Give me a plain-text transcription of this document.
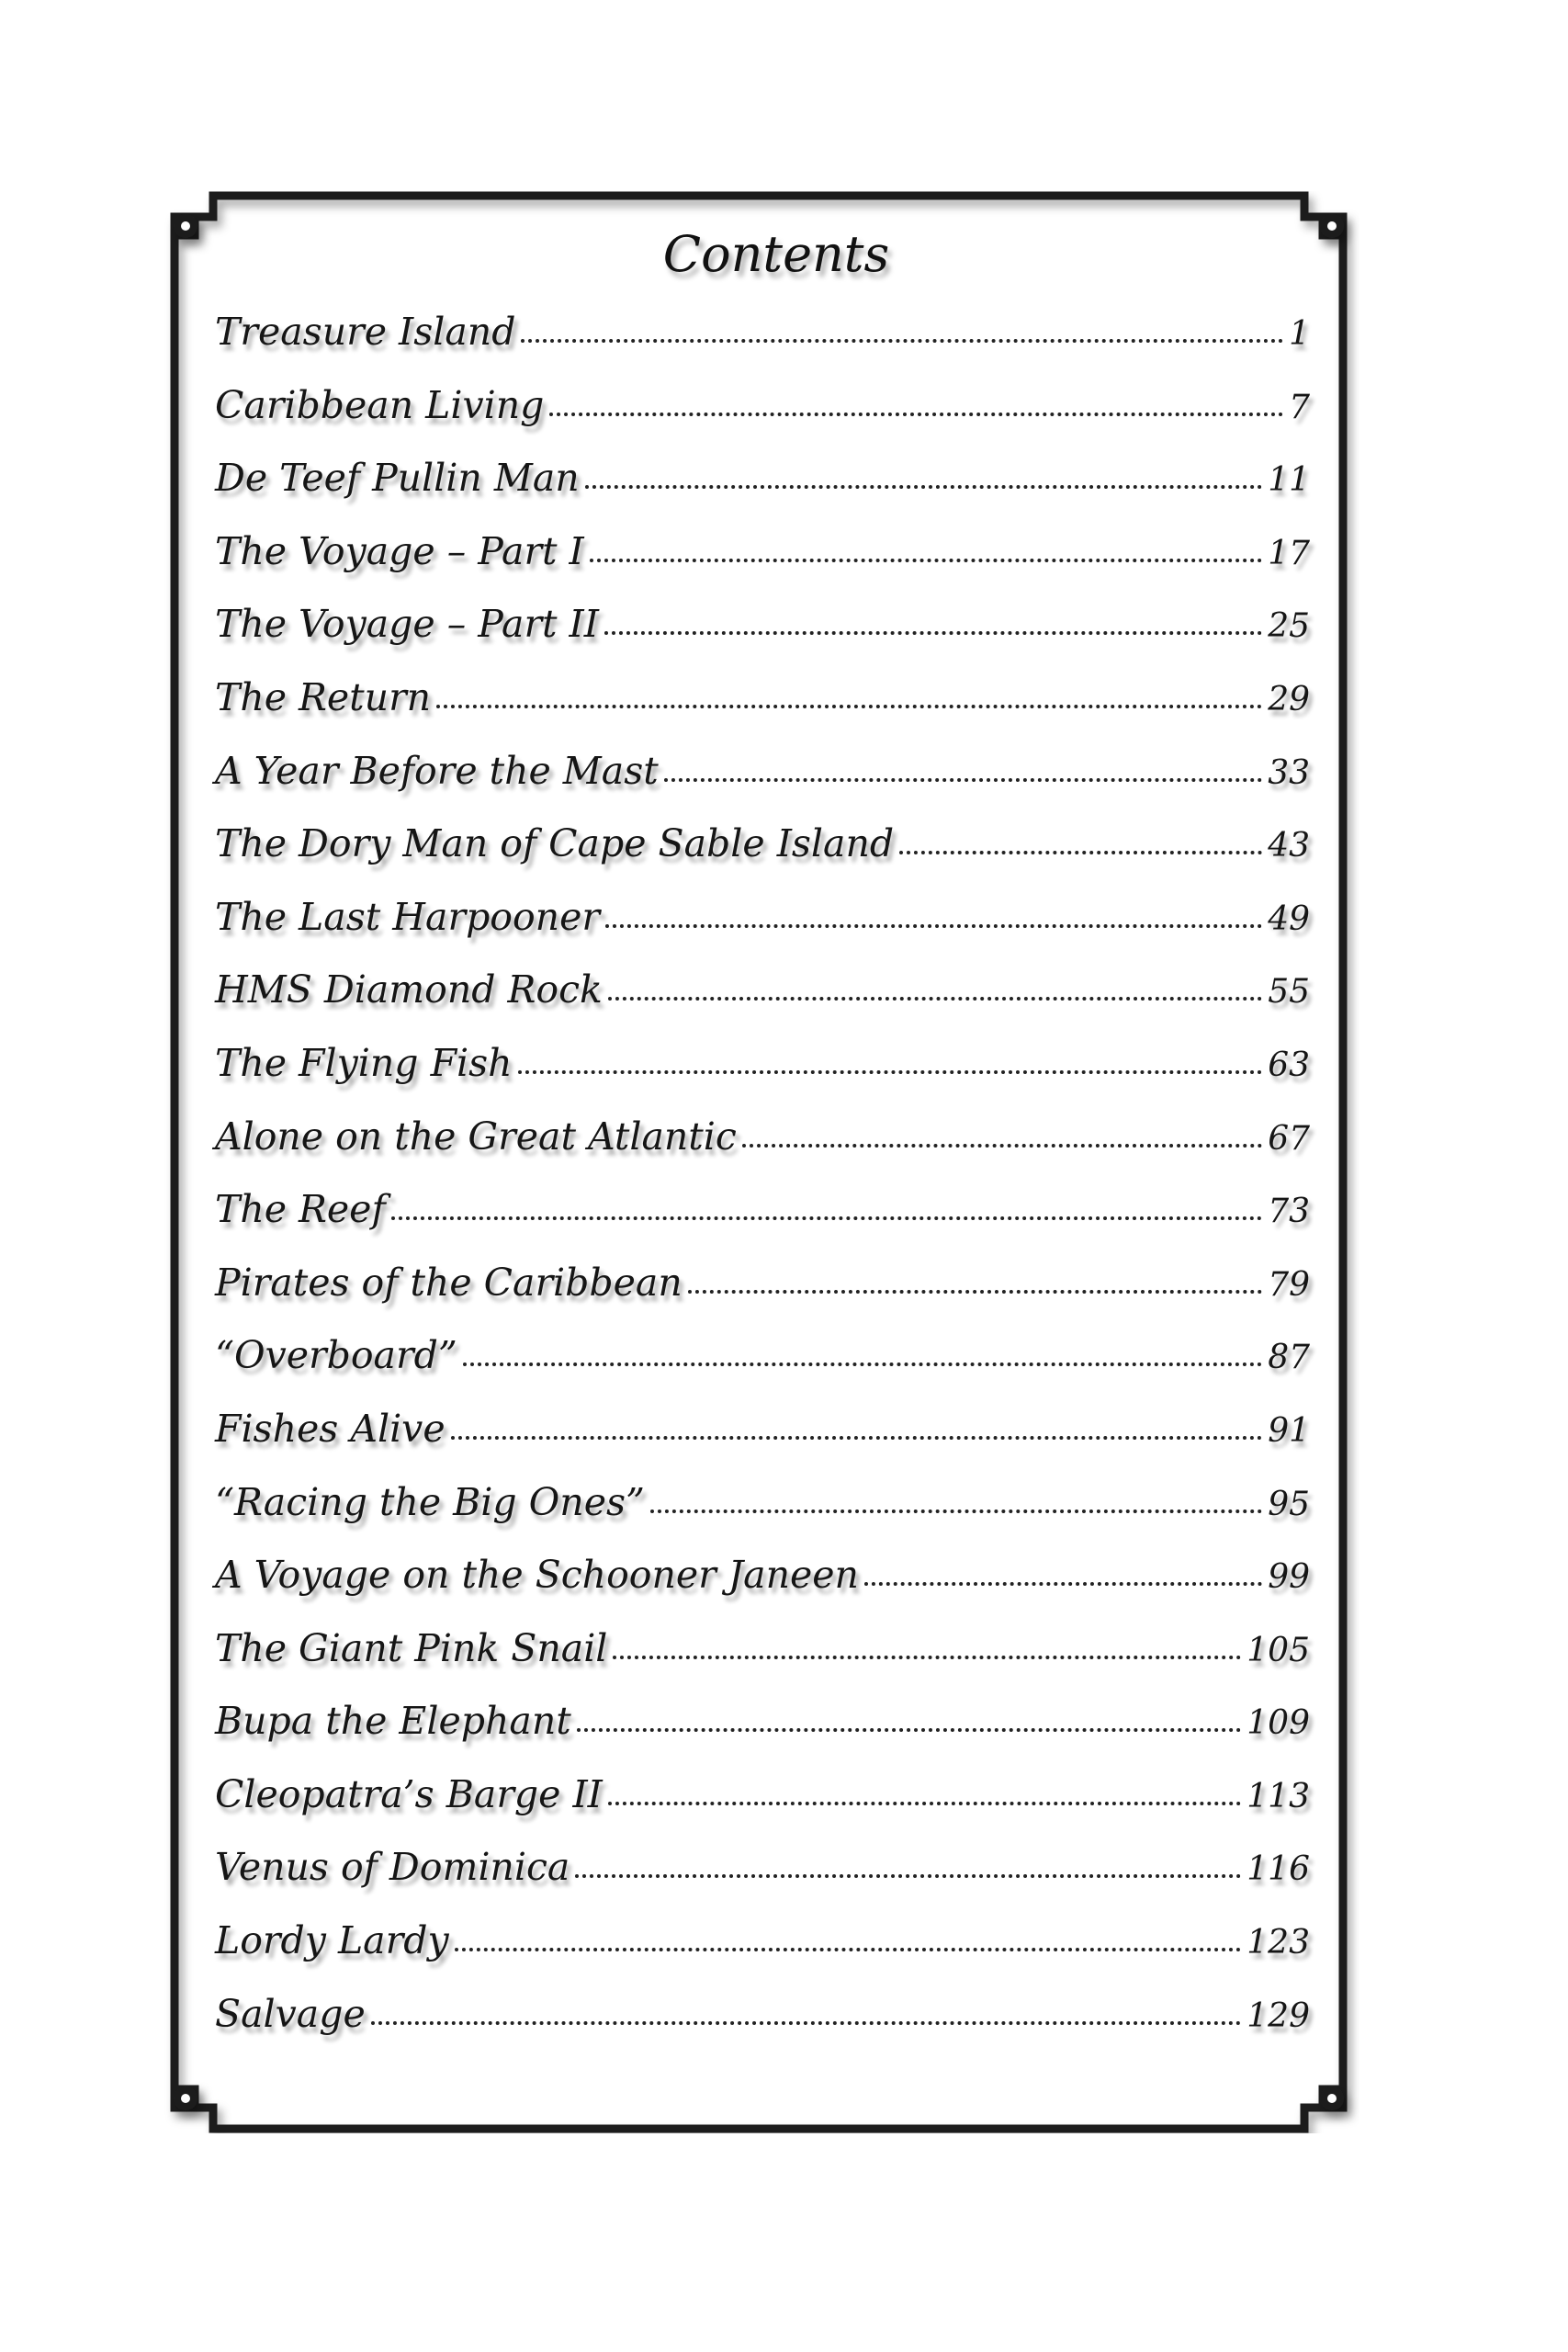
Contents
Treasure Island	1
Caribbean Living	7
De Teef Pullin Man	11
The Voyage – Part I	17
The Voyage – Part II	25
The Return	29
A Year Before the Mast	33
The Dory Man of Cape Sable Island	43
The Last Harpooner	49
HMS Diamond Rock	55
The Flying Fish	63
Alone on the Great Atlantic	67
The Reef	73
Pirates of the Caribbean	79
“Overboard”	87
Fishes Alive	91
“Racing the Big Ones”	95
A Voyage on the Schooner Janeen	99
The Giant Pink Snail	105
Bupa the Elephant	109
Cleopatra’s Barge II	113
Venus of Dominica	116
Lordy Lardy	123
Salvage	129
